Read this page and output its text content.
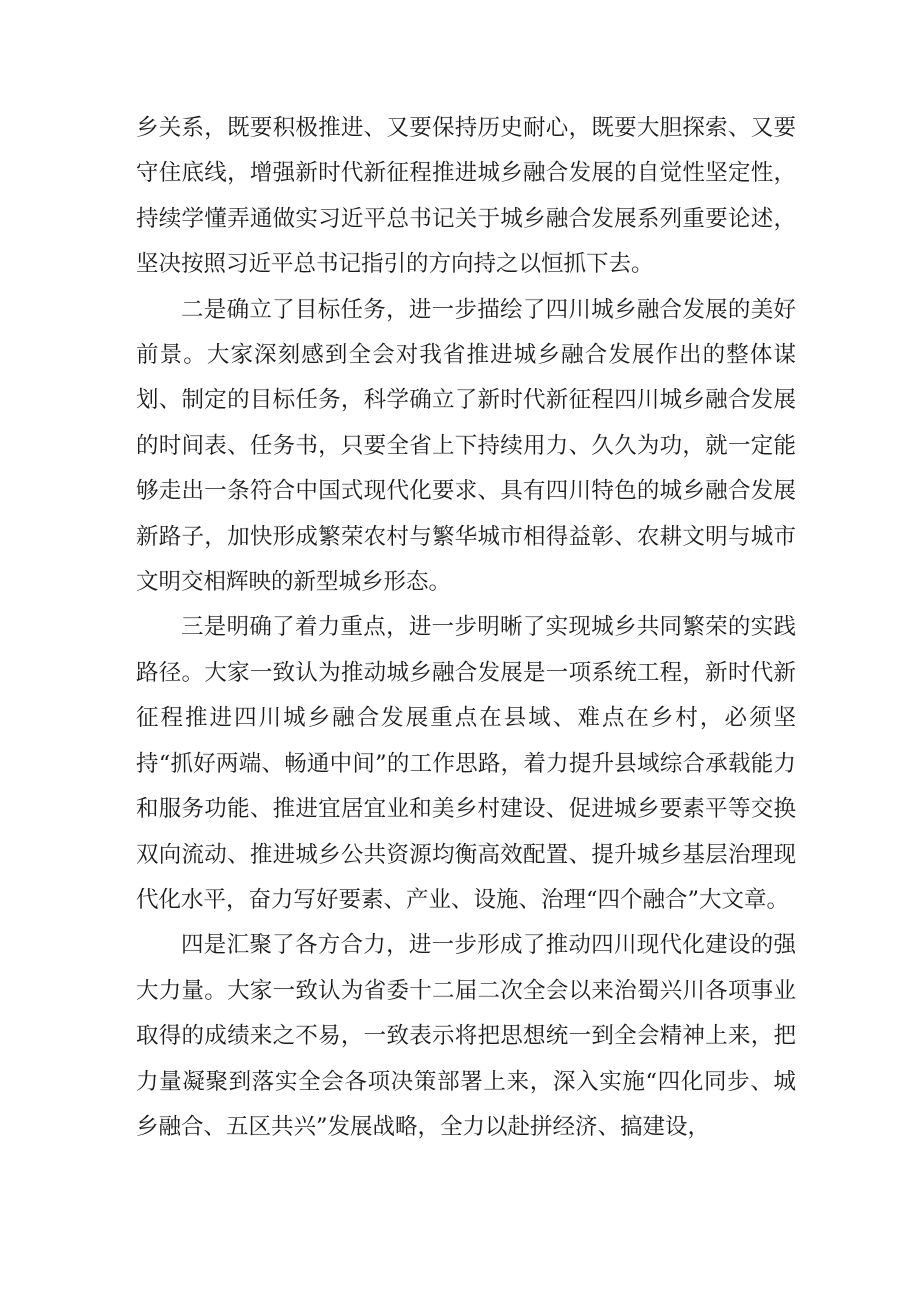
乡关系，既要积极推进、又要保持历史耐心，既要大胆探索、又要守住底线，增强新时代新征程推进城乡融合发展的自觉性坚定性，持续学懂弄通做实习近平总书记关于城乡融合发展系列重要论述，坚决按照习近平总书记指引的方向持之以恒抓下去。

二是确立了目标任务，进一步描绘了四川城乡融合发展的美好前景。大家深刻感到全会对我省推进城乡融合发展作出的整体谋划、制定的目标任务，科学确立了新时代新征程四川城乡融合发展的时间表、任务书，只要全省上下持续用力、久久为功，就一定能够走出一条符合中国式现代化要求、具有四川特色的城乡融合发展新路子，加快形成繁荣农村与繁华城市相得益彰、农耕文明与城市文明交相辉映的新型城乡形态。

三是明确了着力重点，进一步明晰了实现城乡共同繁荣的实践路径。大家一致认为推动城乡融合发展是一项系统工程，新时代新征程推进四川城乡融合发展重点在县域、难点在乡村，必须坚持“抓好两端、畅通中间”的工作思路，着力提升县域综合承载能力和服务功能、推进宜居宜业和美乡村建设、促进城乡要素平等交换双向流动、推进城乡公共资源均衡高效配置、提升城乡基层治理现代化水平，奋力写好要素、产业、设施、治理“四个融合”大文章。

四是汇聚了各方合力，进一步形成了推动四川现代化建设的强大力量。大家一致认为省委十二届二次全会以来治蜀兴川各项事业取得的成绩来之不易，一致表示将把思想统一到全会精神上来，把力量凝聚到落实全会各项决策部署上来，深入实施“四化同步、城乡融合、五区共兴”发展战略，全力以赴拼经济、搞建设，
